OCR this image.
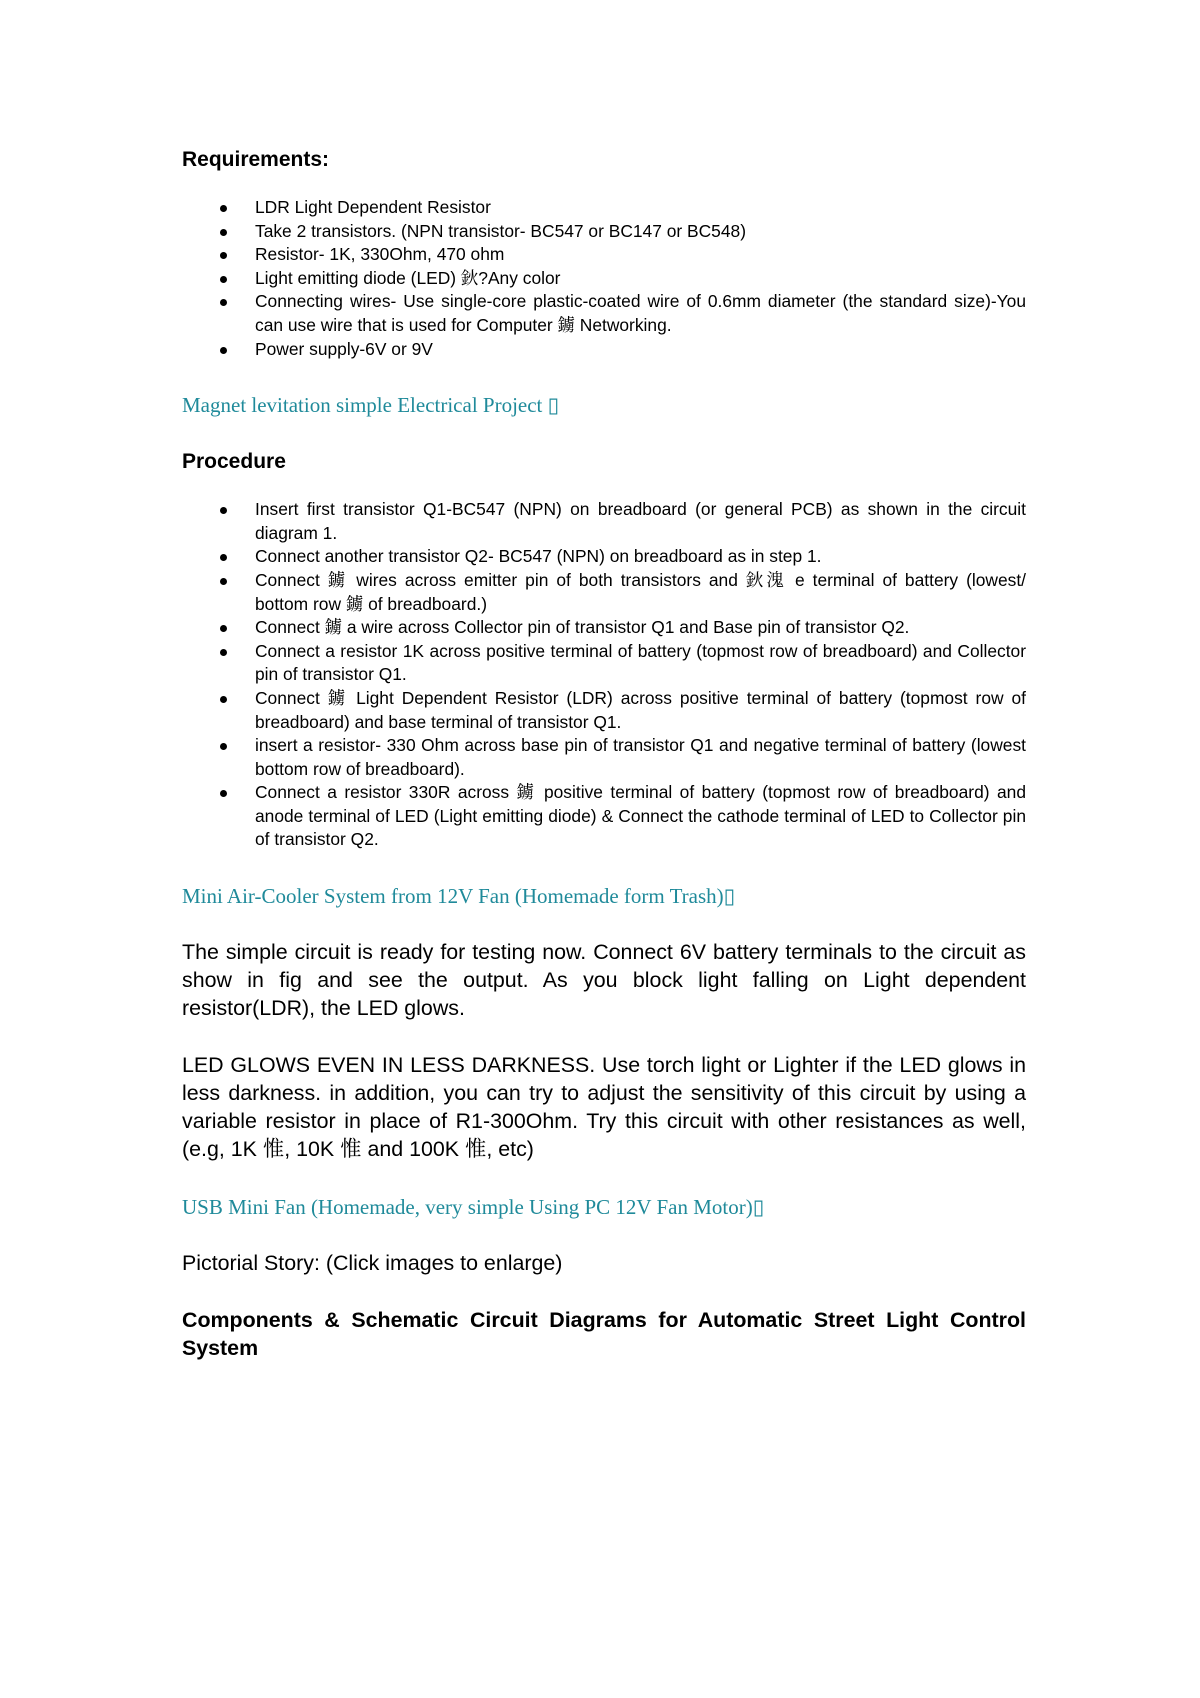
Requirements:

LDR Light Dependent Resistor
Take 2 transistors. (NPN transistor- BC547 or BC147 or BC548)
Resistor- 1K, 330Ohm, 470 ohm
Light emitting diode (LED) 鈥?Any color
Connecting wires- Use single-core plastic-coated wire of 0.6mm diameter (the standard size)-You can use wire that is used for Computer 鐪 Networking.
Power supply-6V or 9V

Magnet levitation simple Electrical Project ▯

Procedure

Insert first transistor Q1-BC547 (NPN) on breadboard (or general PCB) as shown in the circuit diagram 1.
Connect another transistor Q2- BC547 (NPN) on breadboard as in step 1.
Connect 鐪 wires across emitter pin of both transistors and 鈥溾 e terminal of battery (lowest/ bottom row 鐪 of breadboard.)
Connect 鐪 a wire across Collector pin of transistor Q1 and Base pin of transistor Q2.
Connect a resistor 1K across positive terminal of battery (topmost row of breadboard) and Collector pin of transistor Q1.
Connect 鐪 Light Dependent Resistor (LDR) across positive terminal of battery (topmost row of breadboard) and base terminal of transistor Q1.
insert a resistor- 330 Ohm across base pin of transistor Q1 and negative terminal of battery (lowest bottom row of breadboard).
Connect a resistor 330R across 鐪 positive terminal of battery (topmost row of breadboard) and anode terminal of LED (Light emitting diode) & Connect the cathode terminal of LED to Collector pin of transistor Q2.

Mini Air-Cooler System from 12V Fan (Homemade form Trash)▯

The simple circuit is ready for testing now. Connect 6V battery terminals to the circuit as show in fig and see the output. As you block light falling on Light dependent resistor(LDR), the LED glows.

LED GLOWS EVEN IN LESS DARKNESS. Use torch light or Lighter if the LED glows in less darkness. in addition, you can try to adjust the sensitivity of this circuit by using a variable resistor in place of R1-300Ohm. Try this circuit with other resistances as well, (e.g, 1K 惟, 10K 惟 and 100K 惟, etc)

USB Mini Fan (Homemade, very simple Using PC 12V Fan Motor)▯

Pictorial Story: (Click images to enlarge)

Components & Schematic Circuit Diagrams for Automatic Street Light Control System
